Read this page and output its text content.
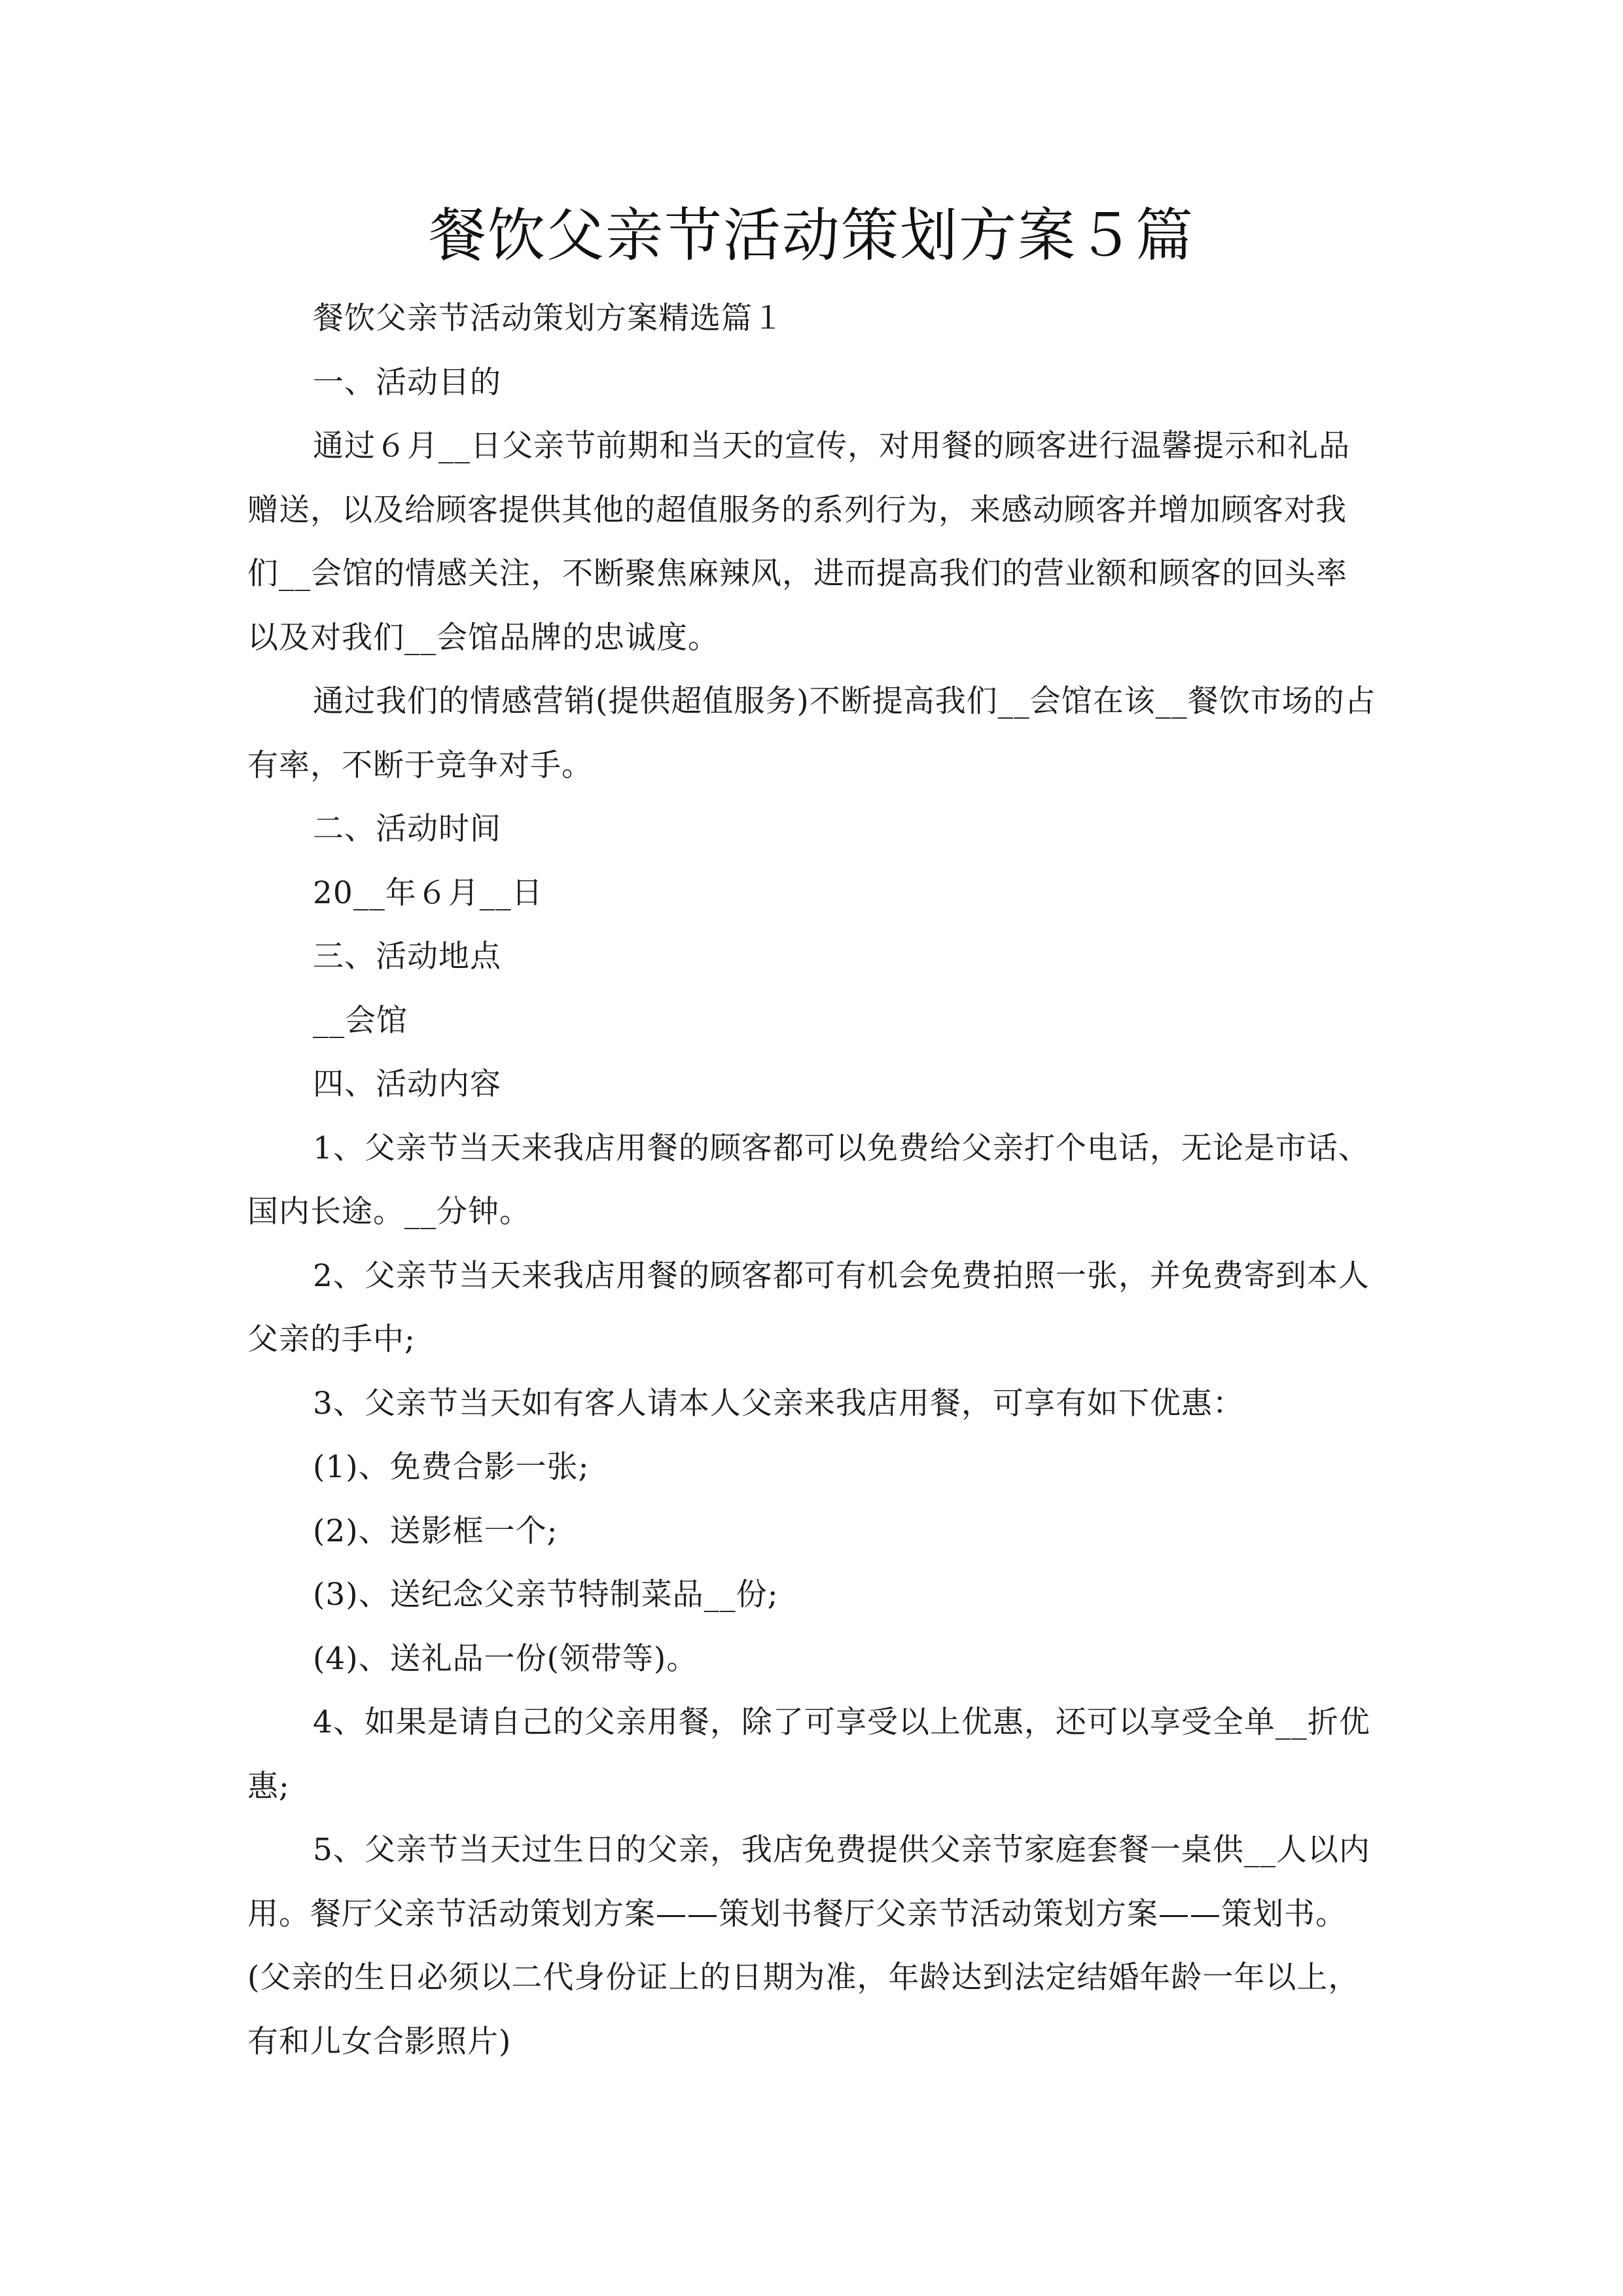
餐饮父亲节活动策划方案５篇

餐饮父亲节活动策划方案精选篇１

一、活动目的

通过６月__日父亲节前期和当天的宣传，对用餐的顾客进行温馨提示和礼品赠送，以及给顾客提供其他的超值服务的系列行为，来感动顾客并增加顾客对我们__会馆的情感关注，不断聚焦麻辣风，进而提高我们的营业额和顾客的回头率以及对我们__会馆品牌的忠诚度。

通过我们的情感营销(提供超值服务)不断提高我们__会馆在该__餐饮市场的占有率，不断于竞争对手。

二、活动时间

20__年６月__日

三、活动地点

__会馆

四、活动内容

1、父亲节当天来我店用餐的顾客都可以免费给父亲打个电话，无论是市话、国内长途。__分钟。

2、父亲节当天来我店用餐的顾客都可有机会免费拍照一张，并免费寄到本人父亲的手中;

3、父亲节当天如有客人请本人父亲来我店用餐，可享有如下优惠：

(1)、免费合影一张;

(2)、送影框一个;

(3)、送纪念父亲节特制菜品__份;

(4)、送礼品一份(领带等)。

4、如果是请自己的父亲用餐，除了可享受以上优惠，还可以享受全单__折优惠;

5、父亲节当天过生日的父亲，我店免费提供父亲节家庭套餐一桌供__人以内用。餐厅父亲节活动策划方案——策划书餐厅父亲节活动策划方案——策划书。(父亲的生日必须以二代身份证上的日期为准，年龄达到法定结婚年龄一年以上，有和儿女合影照片)
